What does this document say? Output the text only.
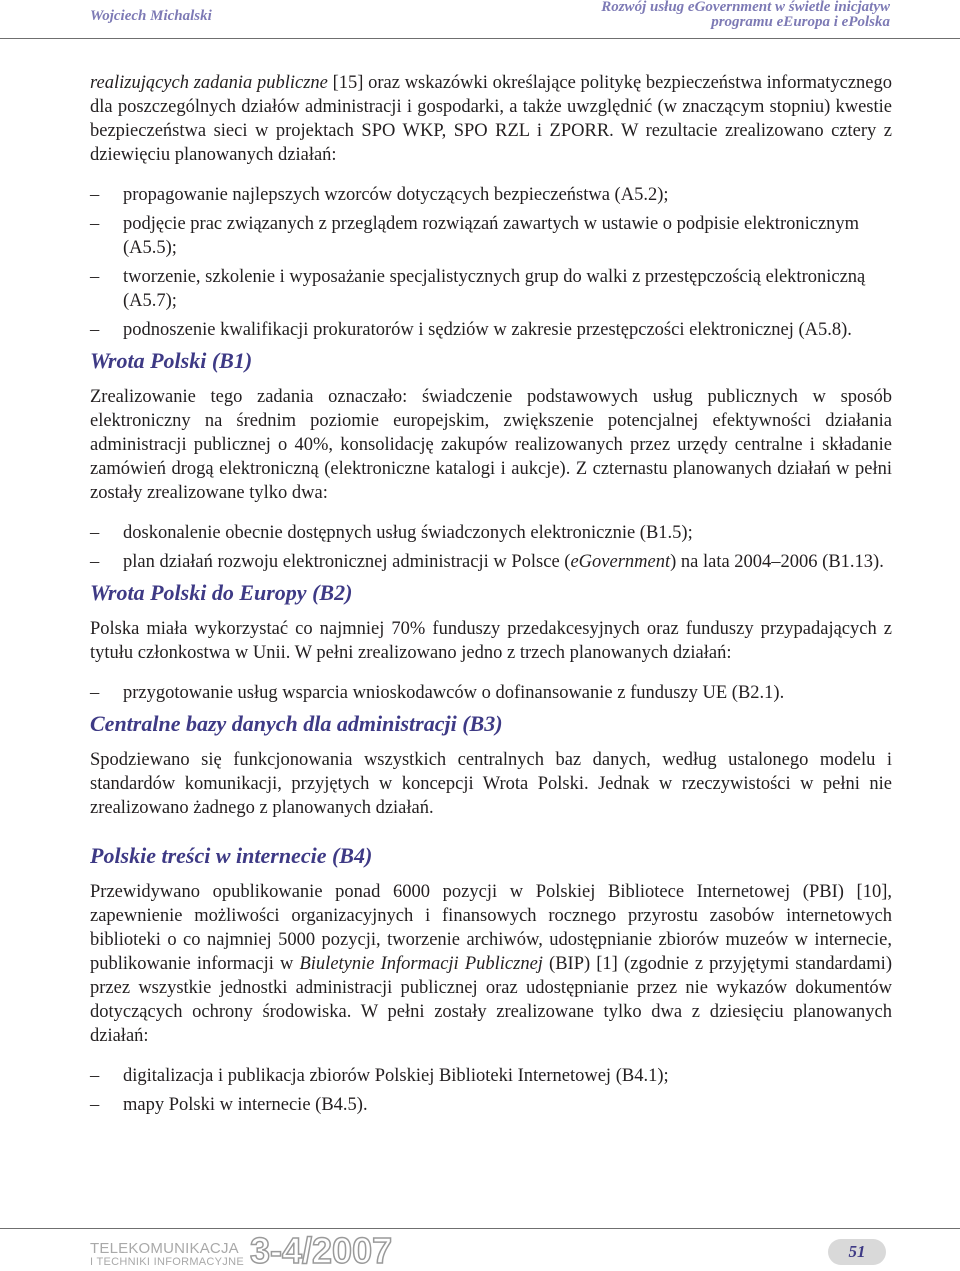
Wojciech Michalski
Rozwój usług eGovernment w świetle inicjatyw
programu eEuropa i ePolska

realizujących zadania publiczne [15] oraz wskazówki określające politykę bezpieczeństwa informatycznego dla poszczególnych działów administracji i gospodarki, a także uwzględnić (w znaczącym stopniu) kwestie bezpieczeństwa sieci w projektach SPO WKP, SPO RZL i ZPORR. W rezultacie zrealizowano cztery z dziewięciu planowanych działań:

– propagowanie najlepszych wzorców dotyczących bezpieczeństwa (A5.2);
– podjęcie prac związanych z przeglądem rozwiązań zawartych w ustawie o podpisie elektronicznym (A5.5);
– tworzenie, szkolenie i wyposażanie specjalistycznych grup do walki z przestępczością elektroniczną (A5.7);
– podnoszenie kwalifikacji prokuratorów i sędziów w zakresie przestępczości elektronicznej (A5.8).
Wrota Polski (B1)

Zrealizowanie tego zadania oznaczało: świadczenie podstawowych usług publicznych w sposób elektroniczny na średnim poziomie europejskim, zwiększenie potencjalnej efektywności działania administracji publicznej o 40%, konsolidację zakupów realizowanych przez urzędy centralne i składanie zamówień drogą elektroniczną (elektroniczne katalogi i aukcje). Z czternastu planowanych działań w pełni zostały zrealizowane tylko dwa:

– doskonalenie obecnie dostępnych usług świadczonych elektronicznie (B1.5);
– plan działań rozwoju elektronicznej administracji w Polsce (eGovernment) na lata 2004–2006 (B1.13).
Wrota Polski do Europy (B2)

Polska miała wykorzystać co najmniej 70% funduszy przedakcesyjnych oraz funduszy przypadających z tytułu członkostwa w Unii. W pełni zrealizowano jedno z trzech planowanych działań:

– przygotowanie usług wsparcia wnioskodawców o dofinansowanie z funduszy UE (B2.1).
Centralne bazy danych dla administracji (B3)

Spodziewano się funkcjonowania wszystkich centralnych baz danych, według ustalonego modelu i standardów komunikacji, przyjętych w koncepcji Wrota Polski. Jednak w rzeczywistości w pełni nie zrealizowano żadnego z planowanych działań.

Polskie treści w internecie (B4)

Przewidywano opublikowanie ponad 6000 pozycji w Polskiej Bibliotece Internetowej (PBI) [10], zapewnienie możliwości organizacyjnych i finansowych rocznego przyrostu zasobów internetowych biblioteki o co najmniej 5000 pozycji, tworzenie archiwów, udostępnianie zbiorów muzeów w internecie, publikowanie informacji w Biuletynie Informacji Publicznej (BIP) [1] (zgodnie z przyjętymi standardami) przez wszystkie jednostki administracji publicznej oraz udostępnianie przez nie wykazów dokumentów dotyczących ochrony środowiska. W pełni zostały zrealizowane tylko dwa z dziesięciu planowanych działań:

– digitalizacja i publikacja zbiorów Polskiej Biblioteki Internetowej (B4.1);
– mapy Polski w internecie (B4.5).
TELEKOMUNIKACJA
I TECHNIKI INFORMACYJNE 3-4/2007	51
